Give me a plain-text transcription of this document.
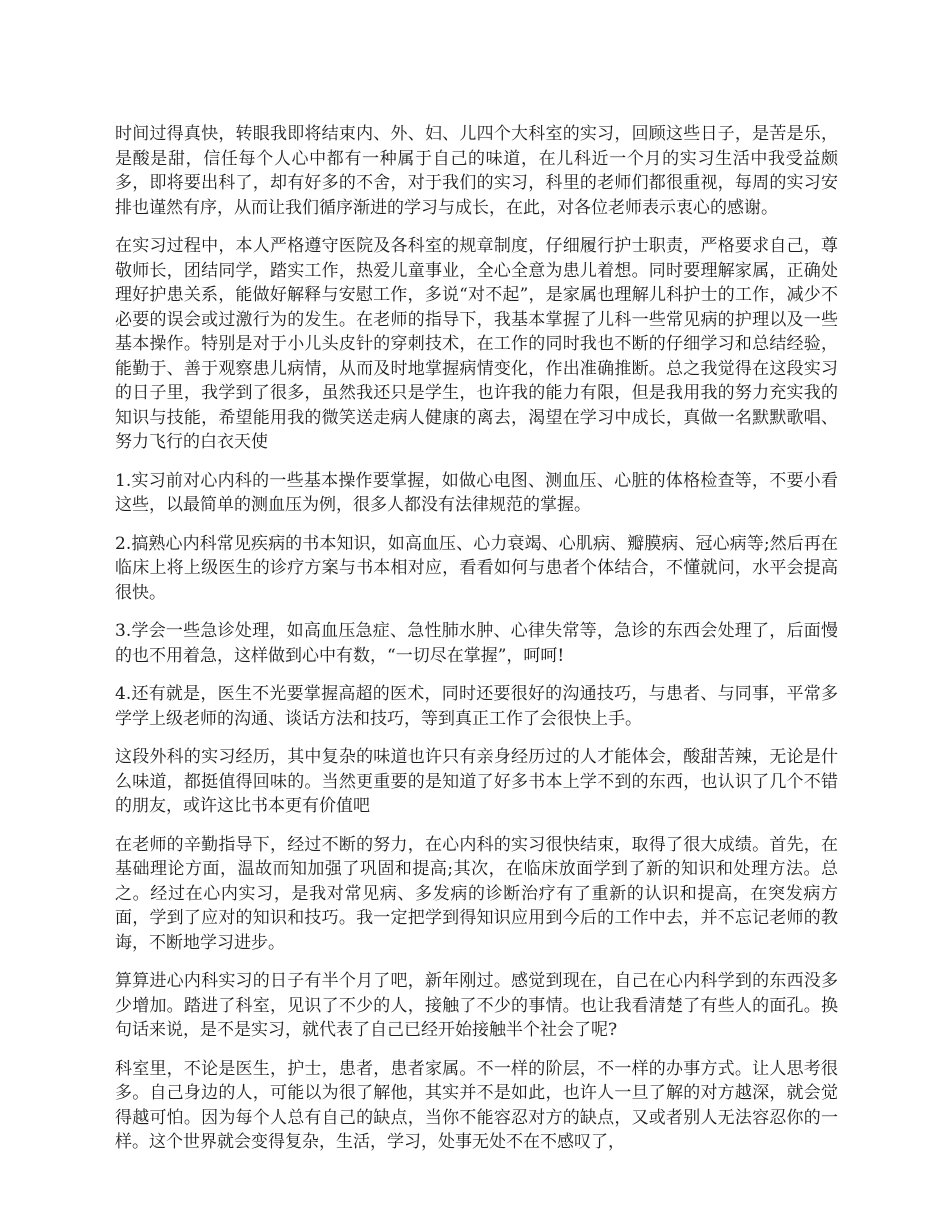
时间过得真快，转眼我即将结束内、外、妇、儿四个大科室的实习，回顾这些日子，是苦是乐，是酸是甜，信任每个人心中都有一种属于自己的味道，在儿科近一个月的实习生活中我受益颇多，即将要出科了，却有好多的不舍，对于我们的实习，科里的老师们都很重视，每周的实习安排也谨然有序，从而让我们循序渐进的学习与成长，在此，对各位老师表示衷心的感谢。

在实习过程中，本人严格遵守医院及各科室的规章制度，仔细履行护士职责，严格要求自己，尊敬师长，团结同学，踏实工作，热爱儿童事业，全心全意为患儿着想。同时要理解家属，正确处理好护患关系，能做好解释与安慰工作，多说“对不起”，是家属也理解儿科护士的工作，减少不必要的误会或过激行为的发生。在老师的指导下，我基本掌握了儿科一些常见病的护理以及一些基本操作。特别是对于小儿头皮针的穿刺技术，在工作的同时我也不断的仔细学习和总结经验，能勤于、善于观察患儿病情，从而及时地掌握病情变化，作出准确推断。总之我觉得在这段实习的日子里，我学到了很多，虽然我还只是学生，也许我的能力有限，但是我用我的努力充实我的知识与技能，希望能用我的微笑送走病人健康的离去，渴望在学习中成长，真做一名默默歌唱、努力飞行的白衣天使

1.实习前对心内科的一些基本操作要掌握，如做心电图、测血压、心脏的体格检查等，不要小看这些，以最简单的测血压为例，很多人都没有法律规范的掌握。

2.搞熟心内科常见疾病的书本知识，如高血压、心力衰竭、心肌病、瓣膜病、冠心病等;然后再在临床上将上级医生的诊疗方案与书本相对应，看看如何与患者个体结合，不懂就问，水平会提高很快。

3.学会一些急诊处理，如高血压急症、急性肺水肿、心律失常等，急诊的东西会处理了，后面慢的也不用着急，这样做到心中有数，“一切尽在掌握”，呵呵!

4.还有就是，医生不光要掌握高超的医术，同时还要很好的沟通技巧，与患者、与同事，平常多学学上级老师的沟通、谈话方法和技巧，等到真正工作了会很快上手。

这段外科的实习经历，其中复杂的味道也许只有亲身经历过的人才能体会，酸甜苦辣，无论是什么味道，都挺值得回味的。当然更重要的是知道了好多书本上学不到的东西，也认识了几个不错的朋友，或许这比书本更有价值吧

在老师的辛勤指导下，经过不断的努力，在心内科的实习很快结束，取得了很大成绩。首先，在基础理论方面，温故而知加强了巩固和提高;其次，在临床放面学到了新的知识和处理方法。总之。经过在心内实习，是我对常见病、多发病的诊断治疗有了重新的认识和提高，在突发病方面，学到了应对的知识和技巧。我一定把学到得知识应用到今后的工作中去，并不忘记老师的教诲，不断地学习进步。

算算进心内科实习的日子有半个月了吧，新年刚过。感觉到现在，自己在心内科学到的东西没多少增加。踏进了科室，见识了不少的人，接触了不少的事情。也让我看清楚了有些人的面孔。换句话来说，是不是实习，就代表了自己已经开始接触半个社会了呢?

科室里，不论是医生，护士，患者，患者家属。不一样的阶层，不一样的办事方式。让人思考很多。自己身边的人，可能以为很了解他，其实并不是如此，也许人一旦了解的对方越深，就会觉得越可怕。因为每个人总有自己的缺点，当你不能容忍对方的缺点，又或者别人无法容忍你的一样。这个世界就会变得复杂，生活，学习，处事无处不在不感叹了，
